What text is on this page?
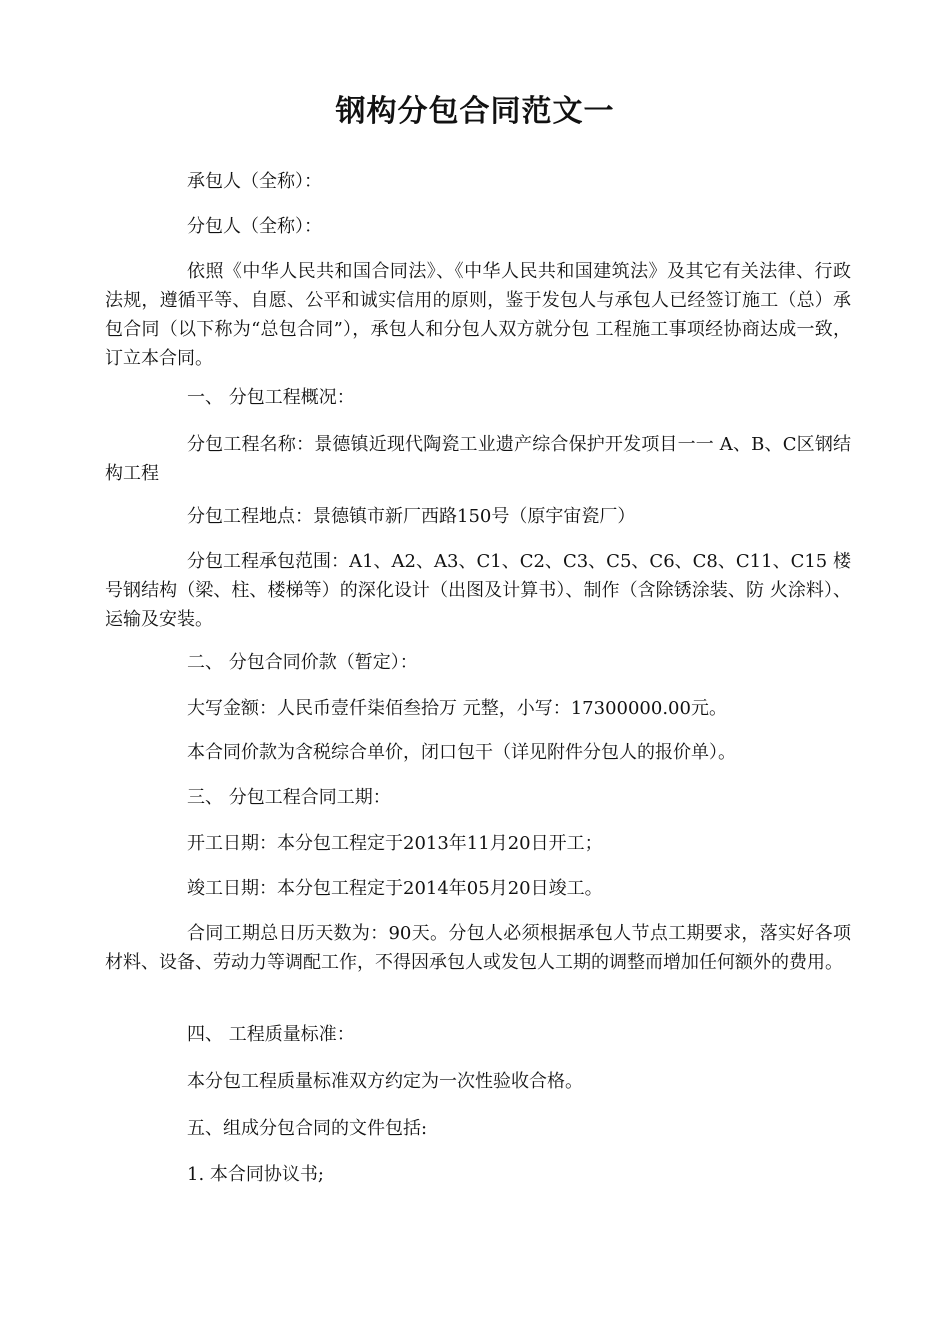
钢构分包合同范文一

承包人（全称）：

分包人（全称）：

依照《中华人民共和国合同法》、《中华人民共和国建筑法》及其它有关法律、行政法规，遵循平等、自愿、公平和诚实信用的原则，鉴于发包人与承包人已经签订施工（总）承包合同（以下称为“总包合同”），承包人和分包人双方就分包 工程施工事项经协商达成一致，订立本合同。

一、 分包工程概况：

分包工程名称：景德镇近现代陶瓷工业遗产综合保护开发项目一一 A、B、C区钢结构工程

分包工程地点：景德镇市新厂西路150号（原宇宙瓷厂）

分包工程承包范围：A1、A2、A3、C1、C2、C3、C5、C6、C8、C11、C15 楼号钢结构（梁、柱、楼梯等）的深化设计（出图及计算书）、制作（含除锈涂装、防 火涂料）、运输及安装。

二、 分包合同价款（暂定）：

大写金额：人民币壹仟柒佰叁拾万 元整，小写：17300000.00元。

本合同价款为含税综合单价，闭口包干（详见附件分包人的报价单）。

三、 分包工程合同工期：

开工日期：本分包工程定于2013年11月20日开工；

竣工日期：本分包工程定于2014年05月20日竣工。

合同工期总日历天数为：90天。分包人必须根据承包人节点工期要求，落实好各项材料、设备、劳动力等调配工作，不得因承包人或发包人工期的调整而增加任何额外的费用。

四、 工程质量标准：

本分包工程质量标准双方约定为一次性验收合格。

五、组成分包合同的文件包括:

1. 本合同协议书;
